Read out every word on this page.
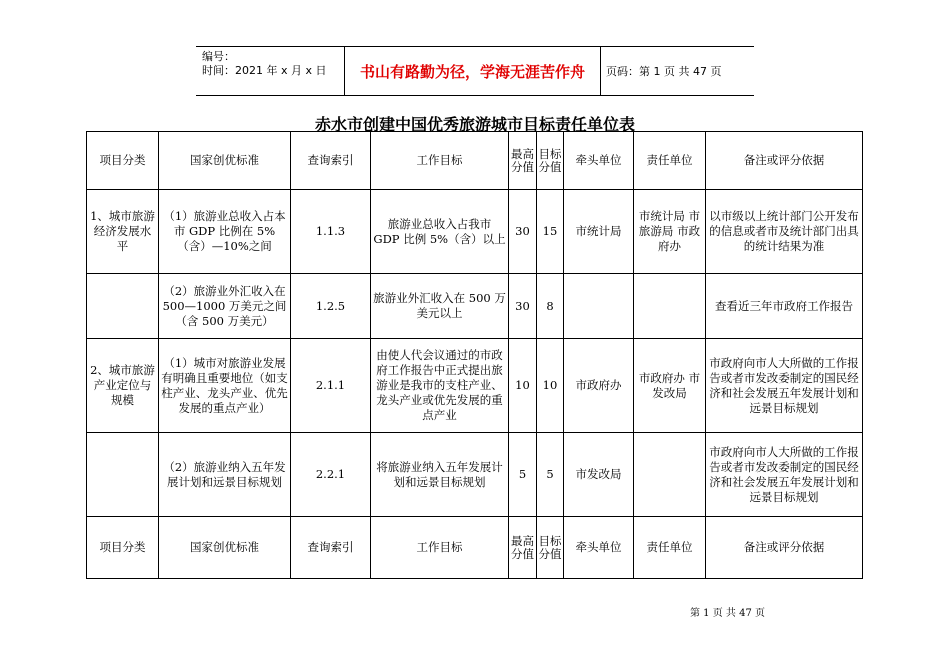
编号：
时间：2021 年 x 月 x 日	书山有路勤为径，学海无涯苦作舟	页码：第 1 页 共 47 页
赤水市创建中国优秀旅游城市目标责任单位表
项目分类	国家创优标准	查询索引	工作目标	最高分值	目标分值	牵头单位	责任单位	备注或评分依据
1、城市旅游经济发展水平	（1）旅游业总收入占本市 GDP 比例在 5%（含）—10%之间	1.1.3	旅游业总收入占我市 GDP 比例 5%（含）以上	30	15	市统计局	市统计局 市旅游局 市政府办	以市级以上统计部门公开发布的信息或者市及统计部门出具的统计结果为准
	（2）旅游业外汇收入在 500—1000 万美元之间（含 500 万美元）	1.2.5	旅游业外汇收入在 500 万美元以上	30	8			查看近三年市政府工作报告
2、城市旅游产业定位与规模	（1）城市对旅游业发展有明确且重要地位（如支柱产业、龙头产业、优先发展的重点产业）	2.1.1	由使人代会议通过的市政府工作报告中正式提出旅游业是我市的支柱产业、龙头产业或优先发展的重点产业	10	10	市政府办	市政府办 市发改局	市政府向市人大所做的工作报告或者市发改委制定的国民经济和社会发展五年发展计划和远景目标规划
	（2）旅游业纳入五年发展计划和远景目标规划	2.2.1	将旅游业纳入五年发展计划和远景目标规划	5	5	市发改局		市政府向市人大所做的工作报告或者市发改委制定的国民经济和社会发展五年发展计划和远景目标规划
项目分类	国家创优标准	查询索引	工作目标	最高分值	目标分值	牵头单位	责任单位	备注或评分依据
第 1 页 共 47 页
